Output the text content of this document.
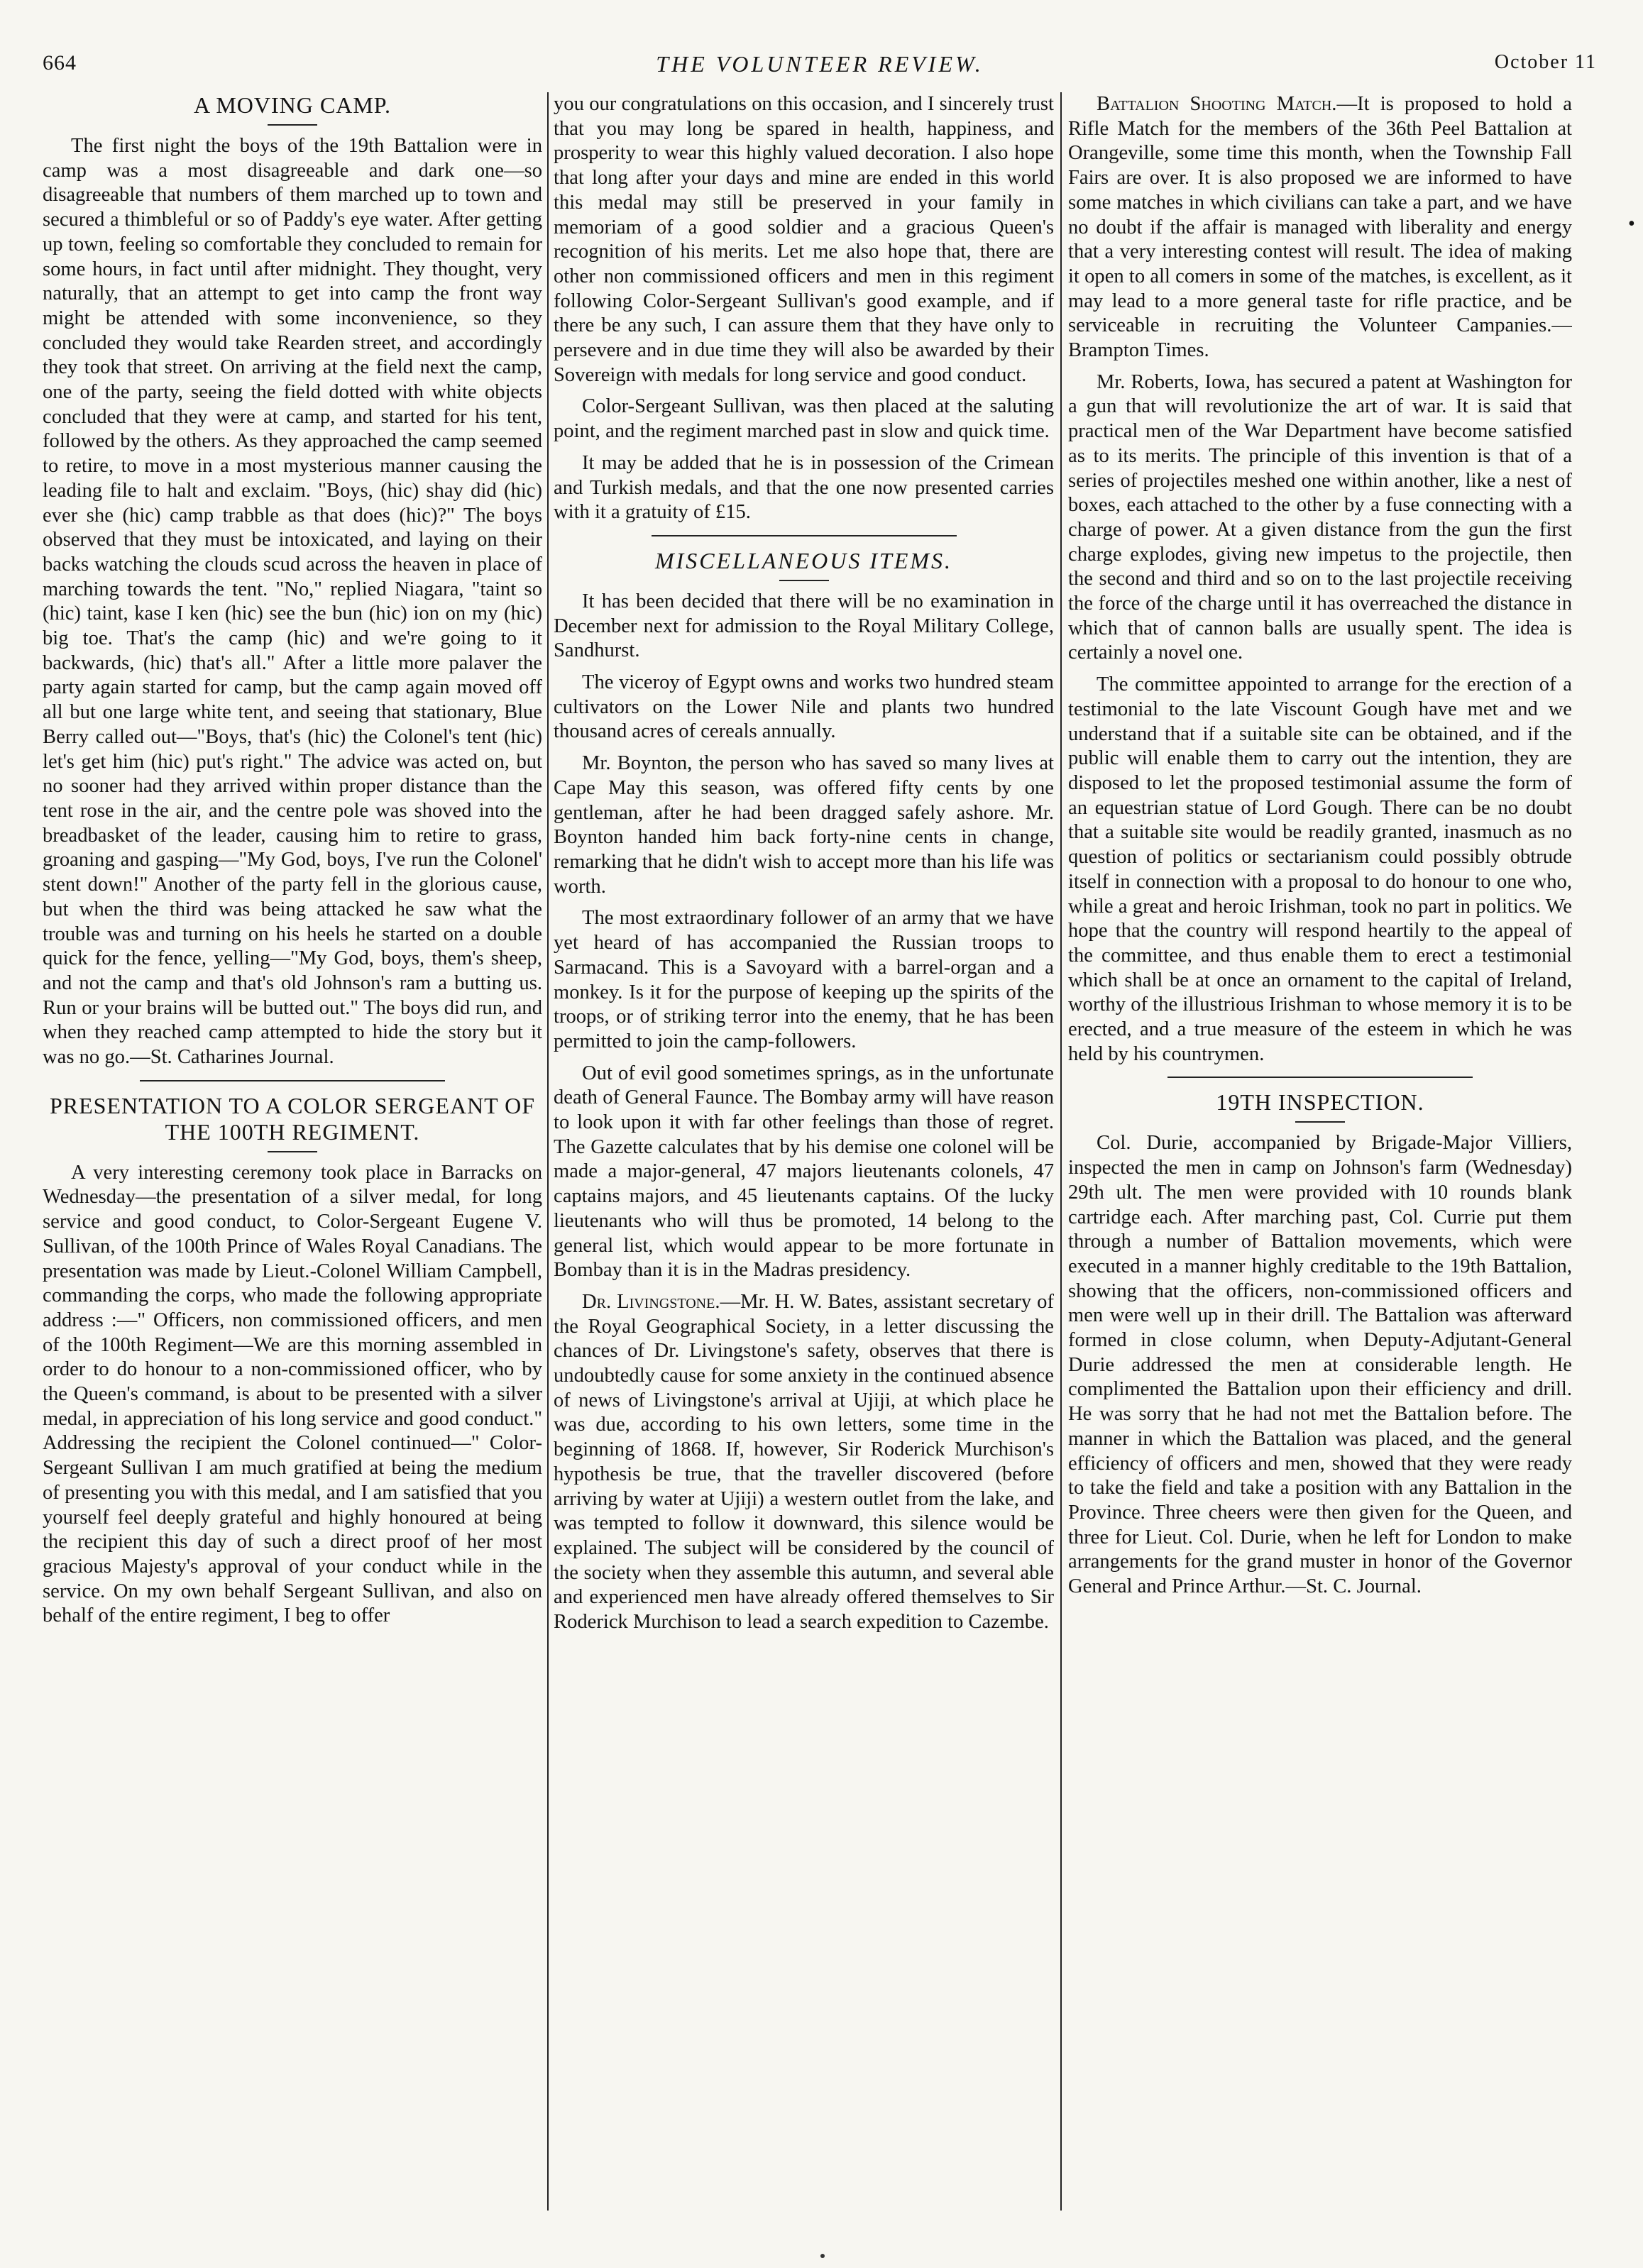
664	THE VOLUNTEER REVIEW.	October 11
A MOVING CAMP.

The first night the boys of the 19th Battalion were in camp was a most disagreeable and dark one—so disagreeable that numbers of them marched up to town and secured a thimbleful or so of Paddy's eye water. After getting up town, feeling so comfortable they concluded to remain for some hours, in fact until after midnight. They thought, very naturally, that an attempt to get into camp the front way might be attended with some inconvenience, so they concluded they would take Rearden street, and accordingly they took that street. On arriving at the field next the camp, one of the party, seeing the field dotted with white objects concluded that they were at camp, and started for his tent, followed by the others. As they approached the camp seemed to retire, to move in a most mysterious manner causing the leading file to halt and exclaim. "Boys, (hic) shay did (hic) ever she (hic) camp trabble as that does (hic)?" The boys observed that they must be intoxicated, and laying on their backs watching the clouds scud across the heaven in place of marching towards the tent. "No," replied Niagara, "taint so (hic) taint, kase I ken (hic) see the bun (hic) ion on my (hic) big toe. That's the camp (hic) and we're going to it backwards, (hic) that's all." After a little more palaver the party again started for camp, but the camp again moved off all but one large white tent, and seeing that stationary, Blue Berry called out—"Boys, that's (hic) the Colonel's tent (hic) let's get him (hic) put's right." The advice was acted on, but no sooner had they arrived within proper distance than the tent rose in the air, and the centre pole was shoved into the breadbasket of the leader, causing him to retire to grass, groaning and gasping—"My God, boys, I've run the Colonel' stent down!" Another of the party fell in the glorious cause, but when the third was being attacked he saw what the trouble was and turning on his heels he started on a double quick for the fence, yelling—"My God, boys, them's sheep, and not the camp and that's old Johnson's ram a butting us. Run or your brains will be butted out." The boys did run, and when they reached camp attempted to hide the story but it was no go.—St. Catharines Journal.

PRESENTATION TO A COLOR SERGEANT OF THE 100TH REGIMENT.

A very interesting ceremony took place in Barracks on Wednesday—the presentation of a silver medal, for long service and good conduct, to Color-Sergeant Eugene V. Sullivan, of the 100th Prince of Wales Royal Canadians. The presentation was made by Lieut.-Colonel William Campbell, commanding the corps, who made the following appropriate address :—" Officers, non commissioned officers, and men of the 100th Regiment—We are this morning assembled in order to do honour to a non-commissioned officer, who by the Queen's command, is about to be presented with a silver medal, in appreciation of his long service and good conduct." Addressing the recipient the Colonel continued—" Color-Sergeant Sullivan I am much gratified at being the medium of presenting you with this medal, and I am satisfied that you yourself feel deeply grateful and highly honoured at being the recipient this day of such a direct proof of her most gracious Majesty's approval of your conduct while in the service. On my own behalf Sergeant Sullivan, and also on behalf of the entire regiment, I beg to offer

you our congratulations on this occasion, and I sincerely trust that you may long be spared in health, happiness, and prosperity to wear this highly valued decoration. I also hope that long after your days and mine are ended in this world this medal may still be preserved in your family in memoriam of a good soldier and a gracious Queen's recognition of his merits. Let me also hope that, there are other non commissioned officers and men in this regiment following Color-Sergeant Sullivan's good example, and if there be any such, I can assure them that they have only to persevere and in due time they will also be awarded by their Sovereign with medals for long service and good conduct.

Color-Sergeant Sullivan, was then placed at the saluting point, and the regiment marched past in slow and quick time.

It may be added that he is in possession of the Crimean and Turkish medals, and that the one now presented carries with it a gratuity of £15.

MISCELLANEOUS ITEMS.

It has been decided that there will be no examination in December next for admission to the Royal Military College, Sandhurst.

The viceroy of Egypt owns and works two hundred steam cultivators on the Lower Nile and plants two hundred thousand acres of cereals annually.

Mr. Boynton, the person who has saved so many lives at Cape May this season, was offered fifty cents by one gentleman, after he had been dragged safely ashore. Mr. Boynton handed him back forty-nine cents in change, remarking that he didn't wish to accept more than his life was worth.

The most extraordinary follower of an army that we have yet heard of has accompanied the Russian troops to Sarmacand. This is a Savoyard with a barrel-organ and a monkey. Is it for the purpose of keeping up the spirits of the troops, or of striking terror into the enemy, that he has been permitted to join the camp-followers.

Out of evil good sometimes springs, as in the unfortunate death of General Faunce. The Bombay army will have reason to look upon it with far other feelings than those of regret. The Gazette calculates that by his demise one colonel will be made a major-general, 47 majors lieutenants colonels, 47 captains majors, and 45 lieutenants captains. Of the lucky lieutenants who will thus be promoted, 14 belong to the general list, which would appear to be more fortunate in Bombay than it is in the Madras presidency.

Dr. Livingstone.—Mr. H. W. Bates, assistant secretary of the Royal Geographical Society, in a letter discussing the chances of Dr. Livingstone's safety, observes that there is undoubtedly cause for some anxiety in the continued absence of news of Livingstone's arrival at Ujiji, at which place he was due, according to his own letters, some time in the beginning of 1868. If, however, Sir Roderick Murchison's hypothesis be true, that the traveller discovered (before arriving by water at Ujiji) a western outlet from the lake, and was tempted to follow it downward, this silence would be explained. The subject will be considered by the council of the society when they assemble this autumn, and several able and experienced men have already offered themselves to Sir Roderick Murchison to lead a search expedition to Cazembe.

Battalion Shooting Match.—It is proposed to hold a Rifle Match for the members of the 36th Peel Battalion at Orangeville, some time this month, when the Township Fall Fairs are over. It is also proposed we are informed to have some matches in which civilians can take a part, and we have no doubt if the affair is managed with liberality and energy that a very interesting contest will result. The idea of making it open to all comers in some of the matches, is excellent, as it may lead to a more general taste for rifle practice, and be serviceable in recruiting the Volunteer Campanies.—Brampton Times.

Mr. Roberts, Iowa, has secured a patent at Washington for a gun that will revolutionize the art of war. It is said that practical men of the War Department have become satisfied as to its merits. The principle of this invention is that of a series of projectiles meshed one within another, like a nest of boxes, each attached to the other by a fuse connecting with a charge of power. At a given distance from the gun the first charge explodes, giving new impetus to the projectile, then the second and third and so on to the last projectile receiving the force of the charge until it has overreached the distance in which that of cannon balls are usually spent. The idea is certainly a novel one.

The committee appointed to arrange for the erection of a testimonial to the late Viscount Gough have met and we understand that if a suitable site can be obtained, and if the public will enable them to carry out the intention, they are disposed to let the proposed testimonial assume the form of an equestrian statue of Lord Gough. There can be no doubt that a suitable site would be readily granted, inasmuch as no question of politics or sectarianism could possibly obtrude itself in connection with a proposal to do honour to one who, while a great and heroic Irishman, took no part in politics. We hope that the country will respond heartily to the appeal of the committee, and thus enable them to erect a testimonial which shall be at once an ornament to the capital of Ireland, worthy of the illustrious Irishman to whose memory it is to be erected, and a true measure of the esteem in which he was held by his countrymen.

19TH INSPECTION.

Col. Durie, accompanied by Brigade-Major Villiers, inspected the men in camp on Johnson's farm (Wednesday) 29th ult. The men were provided with 10 rounds blank cartridge each. After marching past, Col. Currie put them through a number of Battalion movements, which were executed in a manner highly creditable to the 19th Battalion, showing that the officers, non-commissioned officers and men were well up in their drill. The Battalion was afterward formed in close column, when Deputy-Adjutant-General Durie addressed the men at considerable length. He complimented the Battalion upon their efficiency and drill. He was sorry that he had not met the Battalion before. The manner in which the Battalion was placed, and the general efficiency of officers and men, showed that they were ready to take the field and take a position with any Battalion in the Province. Three cheers were then given for the Queen, and three for Lieut. Col. Durie, when he left for London to make arrangements for the grand muster in honor of the Governor General and Prince Arthur.—St. C. Journal.

•
